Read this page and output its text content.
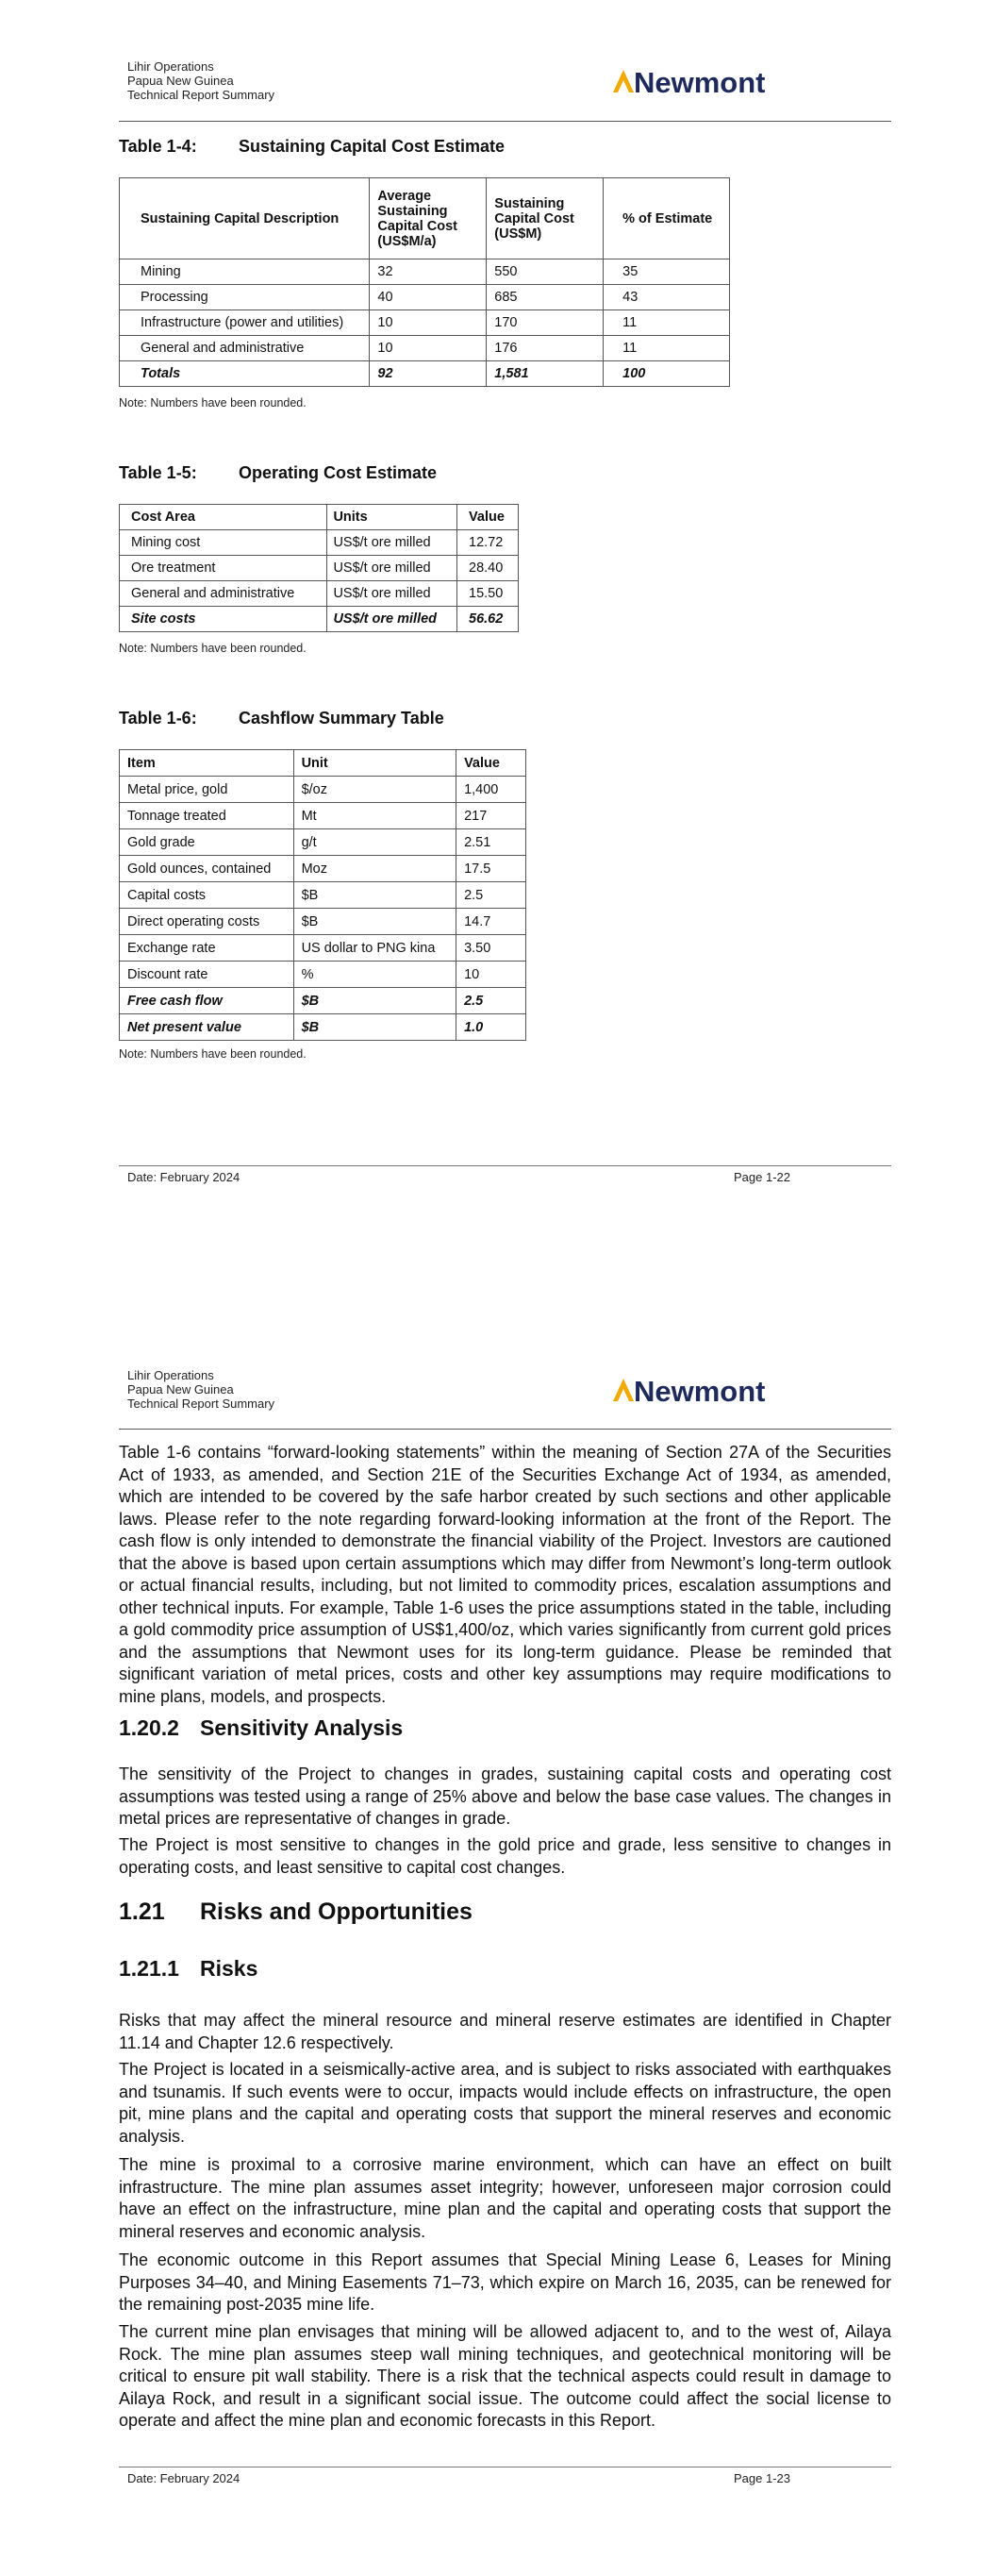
Lihir Operations
Papua New Guinea
Technical Report Summary	Newmont
Table 1-4: Sustaining Capital Cost Estimate
Sustaining Capital Description	Average Sustaining Capital Cost (US$M/a)	Sustaining Capital Cost (US$M)	% of Estimate
Mining	32	550	35
Processing	40	685	43
Infrastructure (power and utilities)	10	170	11
General and administrative	10	176	11
Totals	92	1,581	100
Note: Numbers have been rounded.
Table 1-5: Operating Cost Estimate
Cost Area	Units	Value
Mining cost	US$/t ore milled	12.72
Ore treatment	US$/t ore milled	28.40
General and administrative	US$/t ore milled	15.50
Site costs	US$/t ore milled	56.62
Note: Numbers have been rounded.
Table 1-6: Cashflow Summary Table
Item	Unit	Value
Metal price, gold	$/oz	1,400
Tonnage treated	Mt	217
Gold grade	g/t	2.51
Gold ounces, contained	Moz	17.5
Capital costs	$B	2.5
Direct operating costs	$B	14.7
Exchange rate	US dollar to PNG kina	3.50
Discount rate	%	10
Free cash flow	$B	2.5
Net present value	$B	1.0
Note: Numbers have been rounded.
Date: February 2024	Page 1-22
Lihir Operations
Papua New Guinea
Technical Report Summary	Newmont

Table 1-6 contains “forward-looking statements” within the meaning of Section 27A of the Securities Act of 1933, as amended, and Section 21E of the Securities Exchange Act of 1934, as amended, which are intended to be covered by the safe harbor created by such sections and other applicable laws. Please refer to the note regarding forward-looking information at the front of the Report. The cash flow is only intended to demonstrate the financial viability of the Project. Investors are cautioned that the above is based upon certain assumptions which may differ from Newmont’s long-term outlook or actual financial results, including, but not limited to commodity prices, escalation assumptions and other technical inputs. For example, Table 1-6 uses the price assumptions stated in the table, including a gold commodity price assumption of US$1,400/oz, which varies significantly from current gold prices and the assumptions that Newmont uses for its long-term guidance. Please be reminded that significant variation of metal prices, costs and other key assumptions may require modifications to mine plans, models, and prospects.

1.20.2 Sensitivity Analysis

The sensitivity of the Project to changes in grades, sustaining capital costs and operating cost assumptions was tested using a range of 25% above and below the base case values. The changes in metal prices are representative of changes in grade.

The Project is most sensitive to changes in the gold price and grade, less sensitive to changes in operating costs, and least sensitive to capital cost changes.

1.21 Risks and Opportunities
1.21.1 Risks

Risks that may affect the mineral resource and mineral reserve estimates are identified in Chapter 11.14 and Chapter 12.6 respectively.

The Project is located in a seismically-active area, and is subject to risks associated with earthquakes and tsunamis. If such events were to occur, impacts would include effects on infrastructure, the open pit, mine plans and the capital and operating costs that support the mineral reserves and economic analysis.

The mine is proximal to a corrosive marine environment, which can have an effect on built infrastructure. The mine plan assumes asset integrity; however, unforeseen major corrosion could have an effect on the infrastructure, mine plan and the capital and operating costs that support the mineral reserves and economic analysis.

The economic outcome in this Report assumes that Special Mining Lease 6, Leases for Mining Purposes 34–40, and Mining Easements 71–73, which expire on March 16, 2035, can be renewed for the remaining post-2035 mine life.

The current mine plan envisages that mining will be allowed adjacent to, and to the west of, Ailaya Rock. The mine plan assumes steep wall mining techniques, and geotechnical monitoring will be critical to ensure pit wall stability. There is a risk that the technical aspects could result in damage to Ailaya Rock, and result in a significant social issue. The outcome could affect the social license to operate and affect the mine plan and economic forecasts in this Report.

Date: February 2024	Page 1-23
